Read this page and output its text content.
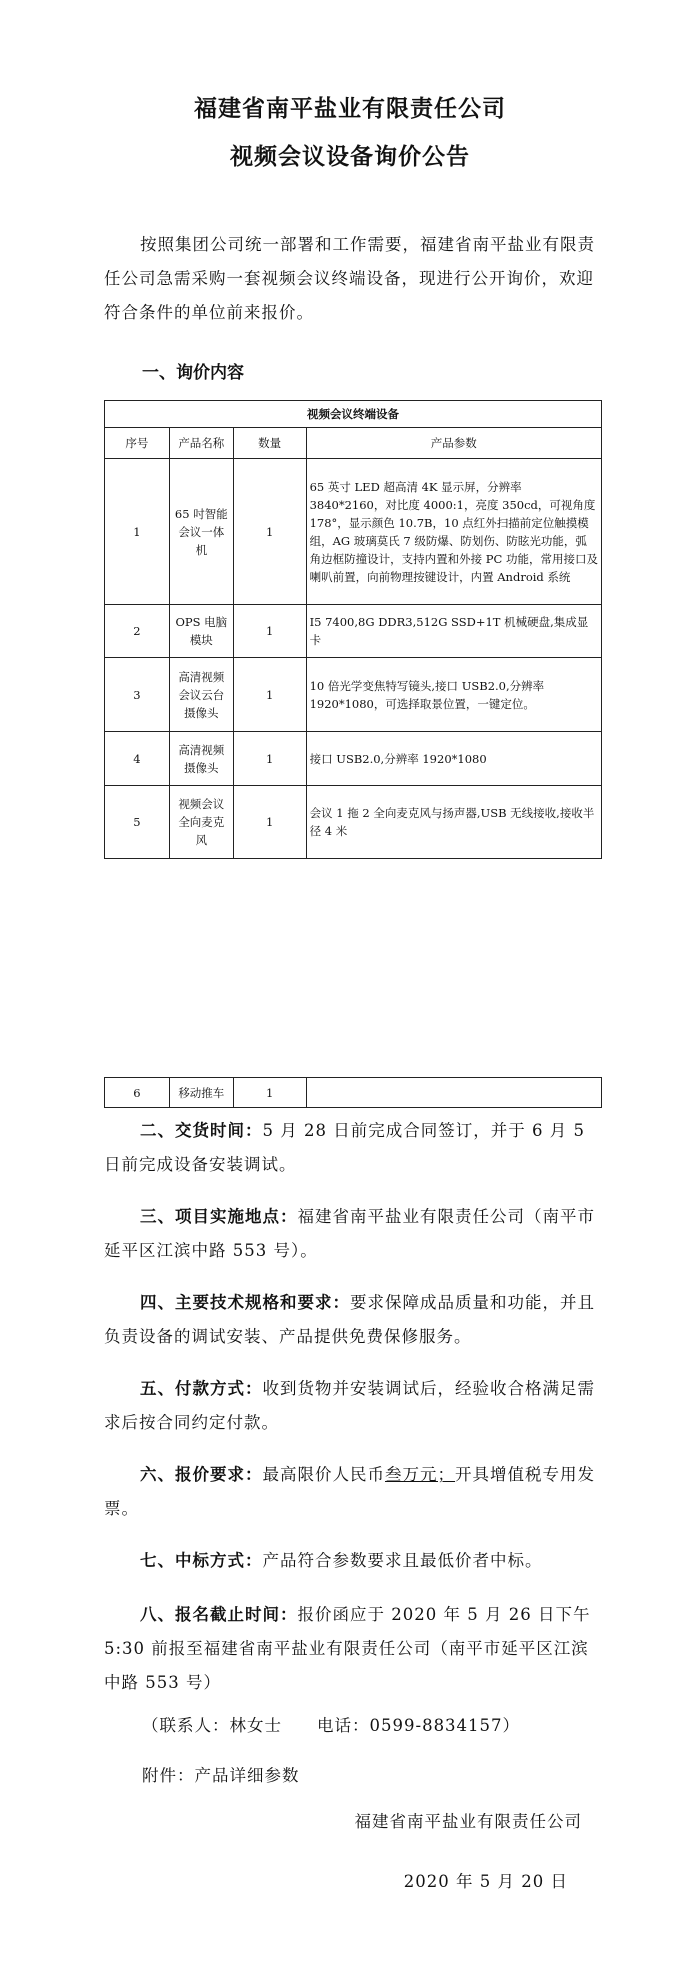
福建省南平盐业有限责任公司
视频会议设备询价公告
按照集团公司统一部署和工作需要，福建省南平盐业有限责任公司急需采购一套视频会议终端设备，现进行公开询价，欢迎符合条件的单位前来报价。
一、询价内容
视频会议终端设备			
序号	产品名称	数量	产品参数
1	65 吋智能会议一体机	1	65 英寸 LED 超高清 4K 显示屏，分辨率 3840*2160，对比度 4000:1，亮度 350cd，可视角度 178°，显示颜色 10.7B，10 点红外扫描前定位触摸模组，AG 玻璃莫氏 7 级防爆、防划伤、防眩光功能，弧角边框防撞设计，支持内置和外接 PC 功能，常用接口及喇叭前置，向前物理按键设计，内置 Android 系统
2	OPS 电脑模块	1	I5 7400,8G DDR3,512G SSD+1T 机械硬盘,集成显卡
3	高清视频会议云台摄像头	1	10 倍光学变焦特写镜头,接口 USB2.0,分辨率 1920*1080，可选择取景位置，一键定位。
4	高清视频摄像头	1	接口 USB2.0,分辨率 1920*1080
5	视频会议全向麦克风	1	会议 1 拖 2 全向麦克风与扬声器,USB 无线接收,接收半径 4 米
6	移动推车	1	
二、交货时间：5 月 28 日前完成合同签订，并于 6 月 5 日前完成设备安装调试。
三、项目实施地点：福建省南平盐业有限责任公司（南平市延平区江滨中路 553 号）。
四、主要技术规格和要求：要求保障成品质量和功能，并且负责设备的调试安装、产品提供免费保修服务。
五、付款方式：收到货物并安装调试后，经验收合格满足需求后按合同约定付款。
六、报价要求：最高限价人民币叁万元；开具增值税专用发票。
七、中标方式：产品符合参数要求且最低价者中标。
八、报名截止时间：报价函应于 2020 年 5 月 26 日下午 5:30 前报至福建省南平盐业有限责任公司（南平市延平区江滨中路 553 号）
（联系人：林女士　　电话：0599-8834157）
附件：产品详细参数
福建省南平盐业有限责任公司
2020 年 5 月 20 日
